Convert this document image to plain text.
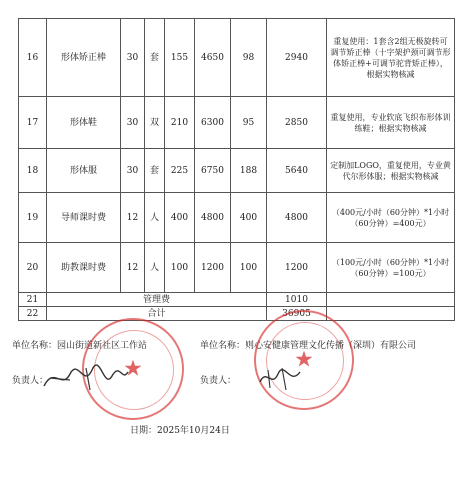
16	形体矫正棒	30	套	155	4650	98	2940	重复使用：1套含2组无极旋转可调节矫正棒（十字架护颈可调节形体矫正棒+可调节驼背矫正棒），根据实物核减
17	形体鞋	30	双	210	6300	95	2850	重复使用，专业软底飞织布形体训练鞋；根据实物核减
18	形体服	30	套	225	6750	188	5640	定制加LOGO，重复使用，专业黄代尔形体服；根据实物核减
19	导师课时费	12	人	400	4800	400	4800	（400元/小时（60分钟）*1小时（60分钟）=400元）
20	助教课时费	12	人	100	1200	100	1200	（100元/小时（60分钟）*1小时（60分钟）=100元）
21	管理费						1010	
22	合计						36905	
单位名称：园山街道新社区工作站	单位名称：则心安健康管理文化传播（深圳）有限公司
负责人：	负责人：
日期：2025年10月24日
★	★
